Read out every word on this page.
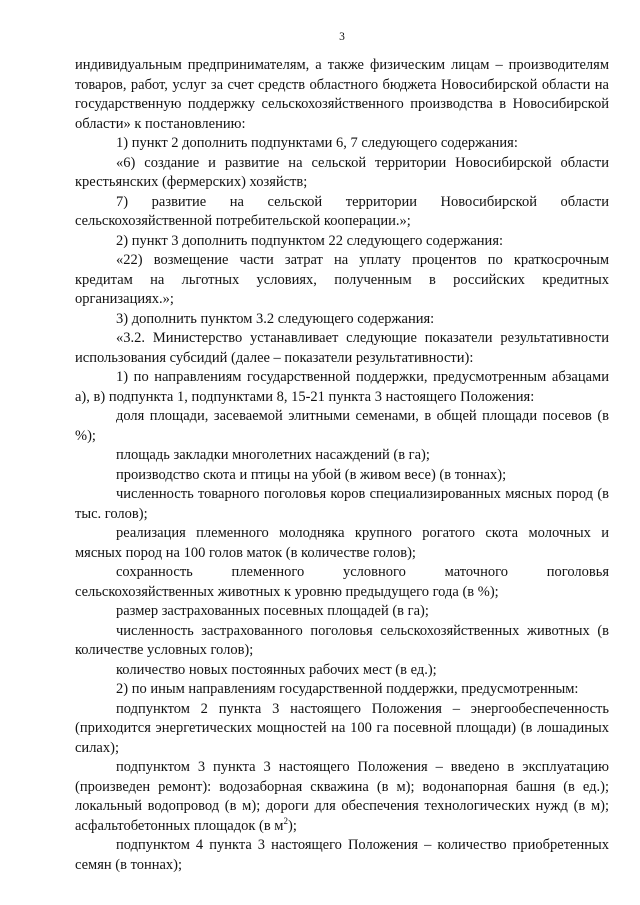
3

индивидуальным предпринимателям, а также физическим лицам – производителям товаров, работ, услуг за счет средств областного бюджета Новосибирской области на государственную поддержку сельскохозяйственного производства в Новосибирской области» к постановлению:

1) пункт 2 дополнить подпунктами 6, 7 следующего содержания:

«6) создание и развитие на сельской территории Новосибирской области крестьянских (фермерских) хозяйств;

7) развитие на сельской территории Новосибирской области сельскохозяйственной потребительской кооперации.»;

2) пункт 3 дополнить подпунктом 22 следующего содержания:

«22) возмещение части затрат на уплату процентов по краткосрочным кредитам на льготных условиях, полученным в российских кредитных организациях.»;

3) дополнить пунктом 3.2 следующего содержания:

«3.2. Министерство устанавливает следующие показатели результативности использования субсидий (далее – показатели результативности):

1) по направлениям государственной поддержки, предусмотренным абзацами а), в) подпункта 1, подпунктами 8, 15-21 пункта 3 настоящего Положения:

доля площади, засеваемой элитными семенами, в общей площади посевов (в %);

площадь закладки многолетних насаждений (в га);

производство скота и птицы на убой (в живом весе) (в тоннах);

численность товарного поголовья коров специализированных мясных пород (в тыс. голов);

реализация племенного молодняка крупного рогатого скота молочных и мясных пород на 100 голов маток (в количестве голов);

сохранность племенного условного маточного поголовья сельскохозяйственных животных к уровню предыдущего года (в %);

размер застрахованных посевных площадей (в га);

численность застрахованного поголовья сельскохозяйственных животных (в количестве условных голов);

количество новых постоянных рабочих мест (в ед.);

2) по иным направлениям государственной поддержки, предусмотренным:

подпунктом 2 пункта 3 настоящего Положения – энергообеспеченность (приходится энергетических мощностей на 100 га посевной площади) (в лошадиных силах);

подпунктом 3 пункта 3 настоящего Положения – введено в эксплуатацию (произведен ремонт): водозаборная скважина (в м); водонапорная башня (в ед.); локальный водопровод (в м); дороги для обеспечения технологических нужд (в м); асфальтобетонных площадок (в $м^2$);

подпунктом 4 пункта 3 настоящего Положения – количество приобретенных семян (в тоннах);
